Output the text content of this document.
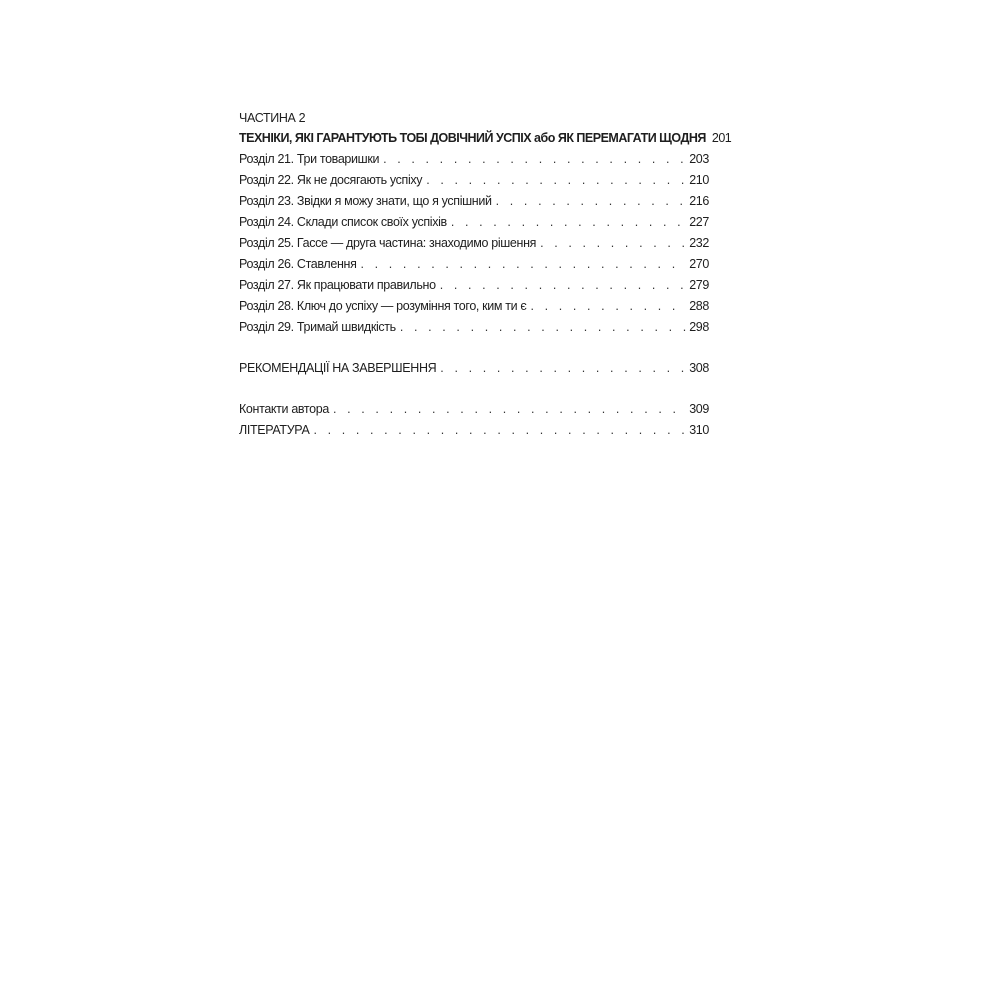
ЧАСТИНА 2
ТЕХНІКИ, ЯКІ ГАРАНТУЮТЬ ТОБІ ДОВІЧНИЙ УСПІХ або ЯК ПЕРЕМАГАТИ ЩОДНЯ 201
Розділ 21. Три товаришки . . .	203
Розділ 22. Як не досягають успіху . . .	210
Розділ 23. Звідки я можу знати, що я успішний . . .	216
Розділ 24. Склади список своїх успіхів . . .	227
Розділ 25. Гассе — друга частина: знаходимо рішення . . .	232
Розділ 26. Ставлення . . .	270
Розділ 27. Як працювати правильно . . .	279
Розділ 28. Ключ до успіху — розуміння того, ким ти є . . .	288
Розділ 29. Тримай швидкість . . .	298
РЕКОМЕНДАЦІЇ НА ЗАВЕРШЕННЯ . . .	308
Контакти автора . . .	309
ЛІТЕРАТУРА . . .	310
